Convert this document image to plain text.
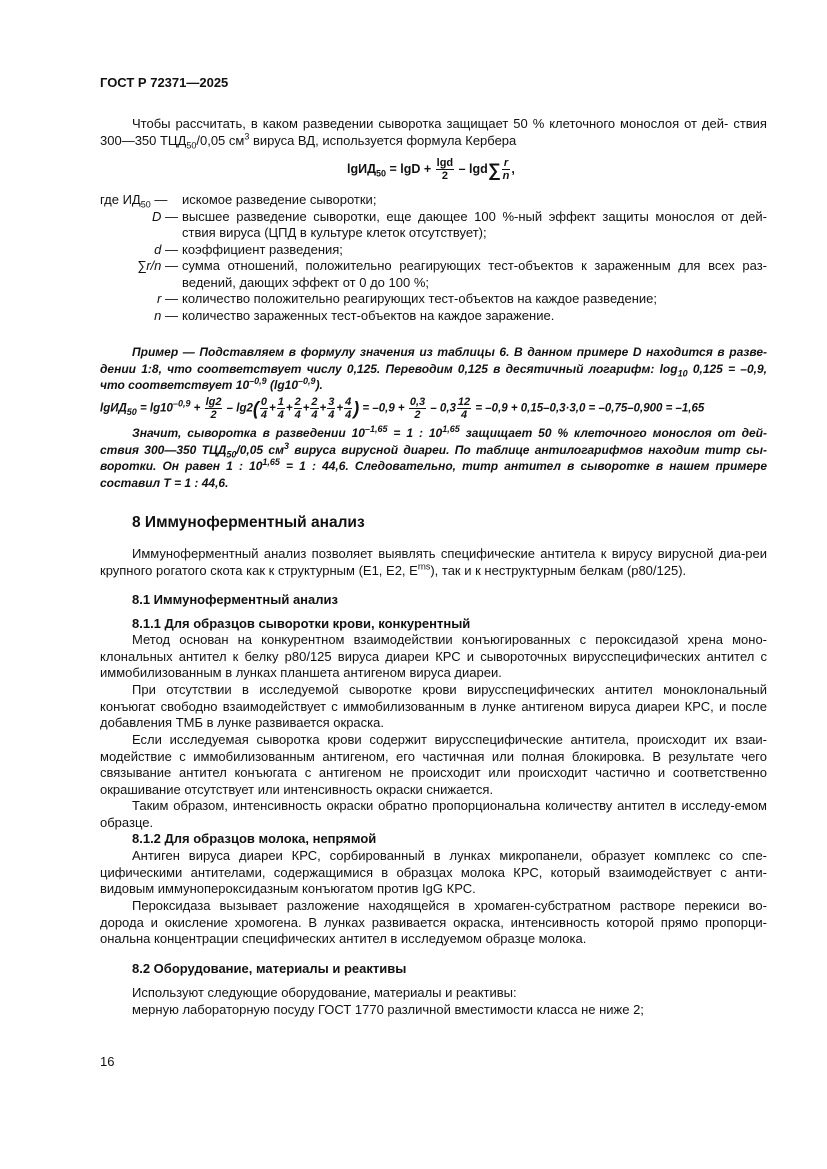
ГОСТ Р 72371—2025
Чтобы рассчитать, в каком разведении сыворотка защищает 50 % клеточного монослоя от дей- ствия 300—350 $ТЦД_{50}/0,05$ $см^3$ вируса ВД, используется формула Кербера
$\lg ИД_{50} = \lg D + \frac{\lg d}{2} - \lg d\sum \frac{r}{n}$ ,
где $ИД_{50}$ —	искомое разведение сыворотки;
D — высшее разведение сыворотки, еще дающее 100 %-ный эффект защиты монослоя от дей-ствия вируса (ЦПД в культуре клеток отсутствует);
d — коэффициент разведения;
∑r/n — сумма отношений, положительно реагирующих тест-объектов к зараженным для всех раз-ведений, дающих эффект от 0 до 100 %;
r — количество положительно реагирующих тест-объектов на каждое разведение;
n — количество зараженных тест-объектов на каждое заражение.
Пример — Подставляем в формулу значения из таблицы 6. В данном примере D находится в разве-дении 1:8, что соответствует числу 0,125. Переводим 0,125 в десятичный логарифм: $\log_{10} 0,125 = -0,9$, что соответствует $10^{-0,9}$ $(\lg 10^{-0,9})$.
$\lg ИД_{50} = \lg 10^{-0,9} + \frac{\lg 2}{2} - \lg 2( \frac{0}{4} + \frac{1}{4} + \frac{2}{4} + \frac{2}{4} + \frac{3}{4} + \frac{4}{4}$ ) = $-0,9 + \frac{0,3}{2} - 0,3 \frac{12}{4} = -0,9 + 0,15-0,3\cdot 3,0 = -0,75-0,900 = -1,65$
Значит, сыворотка в разведении $10^{-1,65} = 1$ : 10$^{1,65}$ защищает 50 % клеточного монослоя от дей-ствия 300—350 $ТЦД_{50}/0,05$ $см^3$ вируса вирусной диареи. По таблице антилогарифмов находим титр сы-воротки. Он равен 1 : $10^{1,65} = 1$ : 44,6. Следовательно, титр антител в сыворотке в нашем примере составил T = 1 : 44,6.
8 Иммуноферментный анализ
Иммуноферментный анализ позволяет выявлять специфические антитела к вирусу вирусной диа-реи крупного рогатого скота как к структурным (Е1, Е2, $Е^{rns}$), так и к неструктурным белкам (р80/125).
8.1 Иммуноферментный анализ
8.1.1 Для образцов сыворотки крови, конкурентный
Метод основан на конкурентном взаимодействии конъюгированных с пероксидазой хрена моно-клональных антител к белку р80/125 вируса диареи КРС и сывороточных вирусспецифических антител с иммобилизованным в лунках планшета антигеном вируса диареи.
При отсутствии в исследуемой сыворотке крови вирусспецифических антител моноклональный конъюгат свободно взаимодействует с иммобилизованным в лунке антигеном вируса диареи КРС, и после добавления ТМБ в лунке развивается окраска.
Если исследуемая сыворотка крови содержит вирусспецифические антитела, происходит их взаи-модействие с иммобилизованным антигеном, его частичная или полная блокировка. В результате чего связывание антител конъюгата с антигеном не происходит или происходит частично и соответственно окрашивание отсутствует или интенсивность окраски снижается.
Таким образом, интенсивность окраски обратно пропорциональна количеству антител в исследу-емом образце.
8.1.2 Для образцов молока, непрямой
Антиген вируса диареи КРС, сорбированный в лунках микропанели, образует комплекс со спе-цифическими антителами, содержащимися в образцах молока КРС, который взаимодействует с анти-видовым иммунопероксидазным конъюгатом против IgG КРС.
Пероксидаза вызывает разложение находящейся в хромаген-субстратном растворе перекиси во-дорода и окисление хромогена. В лунках развивается окраска, интенсивность которой прямо пропорци-ональна концентрации специфических антител в исследуемом образце молока.
8.2 Оборудование, материалы и реактивы
Используют следующие оборудование, материалы и реактивы:
мерную лабораторную посуду ГОСТ 1770 различной вместимости класса не ниже 2;
16
